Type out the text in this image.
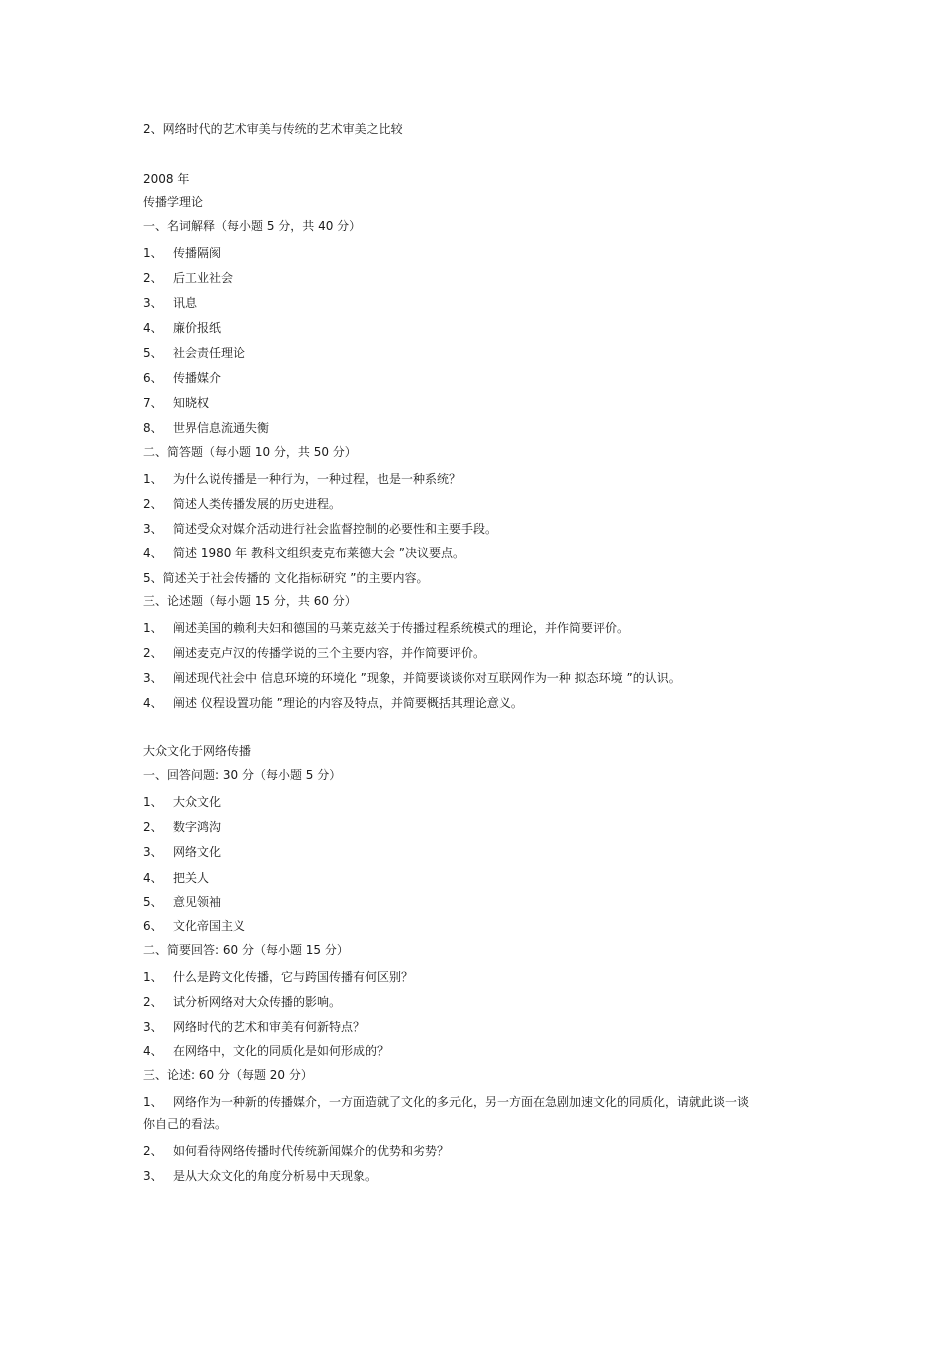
2、网络时代的艺术审美与传统的艺术审美之比较

2008 年

传播学理论

一、名词解释（每小题 5 分，共 40 分）

1、 传播隔阂

2、 后工业社会

3、 讯息

4、 廉价报纸

5、 社会责任理论

6、 传播媒介

7、 知晓权

8、 世界信息流通失衡

二、简答题（每小题 10 分，共 50 分）

1、 为什么说传播是一种行为，一种过程，也是一种系统？

2、 简述人类传播发展的历史进程。

3、 简述受众对媒介活动进行社会监督控制的必要性和主要手段。

4、 简述 1980 年 教科文组织麦克布莱德大会 ”决议要点。

5、简述关于社会传播的 文化指标研究 ”的主要内容。

三、论述题（每小题 15 分，共 60 分）

1、 阐述美国的赖利夫妇和德国的马莱克兹关于传播过程系统模式的理论，并作简要评价。

2、 阐述麦克卢汉的传播学说的三个主要内容，并作简要评价。

3、 阐述现代社会中 信息环境的环境化 ”现象，并简要谈谈你对互联网作为一种 拟态环境 ”的认识。

4、 阐述 仪程设置功能 ”理论的内容及特点，并简要概括其理论意义。

大众文化于网络传播

一、回答问题: 30 分（每小题 5 分）

1、 大众文化

2、 数字鸿沟

3、 网络文化

4、 把关人

5、 意见领袖

6、 文化帝国主义

二、简要回答: 60 分（每小题 15 分）

1、 什么是跨文化传播，它与跨国传播有何区别？

2、 试分析网络对大众传播的影响。

3、 网络时代的艺术和审美有何新特点？

4、 在网络中，文化的同质化是如何形成的？

三、论述: 60 分（每题 20 分）

1、 网络作为一种新的传播媒介，一方面造就了文化的多元化，另一方面在急剧加速文化的同质化，请就此谈一谈你自己的看法。

2、 如何看待网络传播时代传统新闻媒介的优势和劣势？

3、 是从大众文化的角度分析易中天现象。
